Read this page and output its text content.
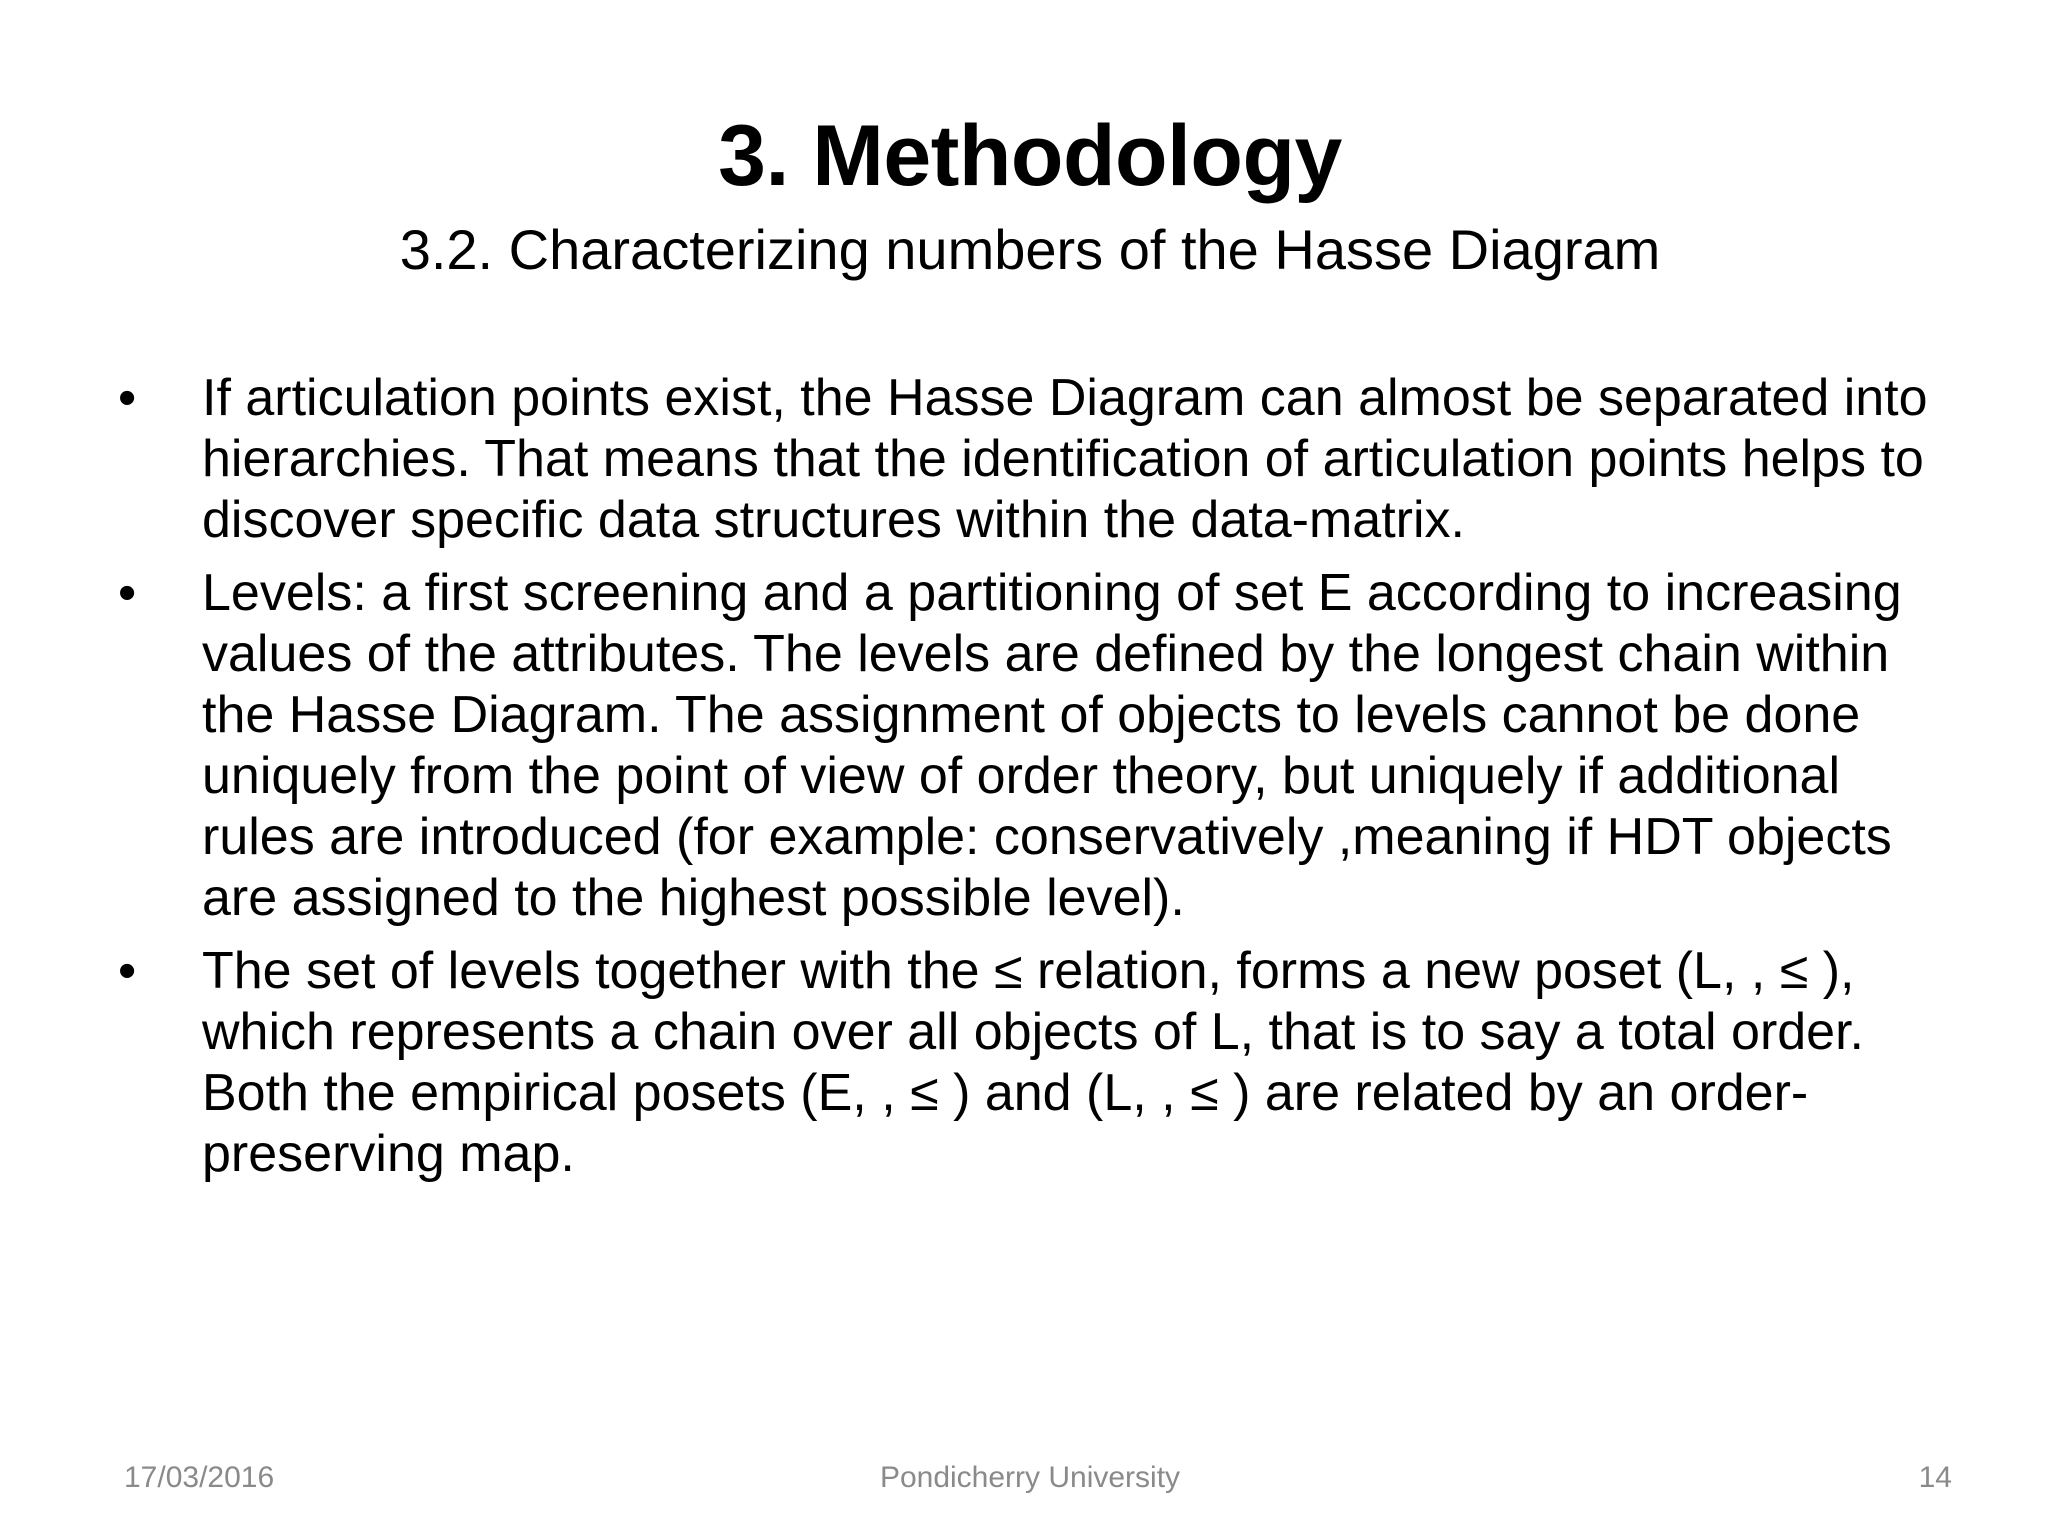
3. Methodology
3.2. Characterizing numbers of the Hasse Diagram
• If articulation points exist, the Hasse Diagram can almost be separated into hierarchies. That means that the identification of articulation points helps to discover specific data structures within the data-matrix.
• Levels: a first screening and a partitioning of set E according to increasing values of the attributes. The levels are defined by the longest chain within the Hasse Diagram. The assignment of objects to levels cannot be done uniquely from the point of view of order theory, but uniquely if additional rules are introduced (for example: conservatively ,meaning if HDT objects are assigned to the highest possible level).
• The set of levels together with the ≤ relation, forms a new poset (L, , ≤ ), which represents a chain over all objects of L, that is to say a total order. Both the empirical posets (E, , ≤ ) and (L, , ≤ ) are related by an order-preserving map.
17/03/2016	Pondicherry University	14
